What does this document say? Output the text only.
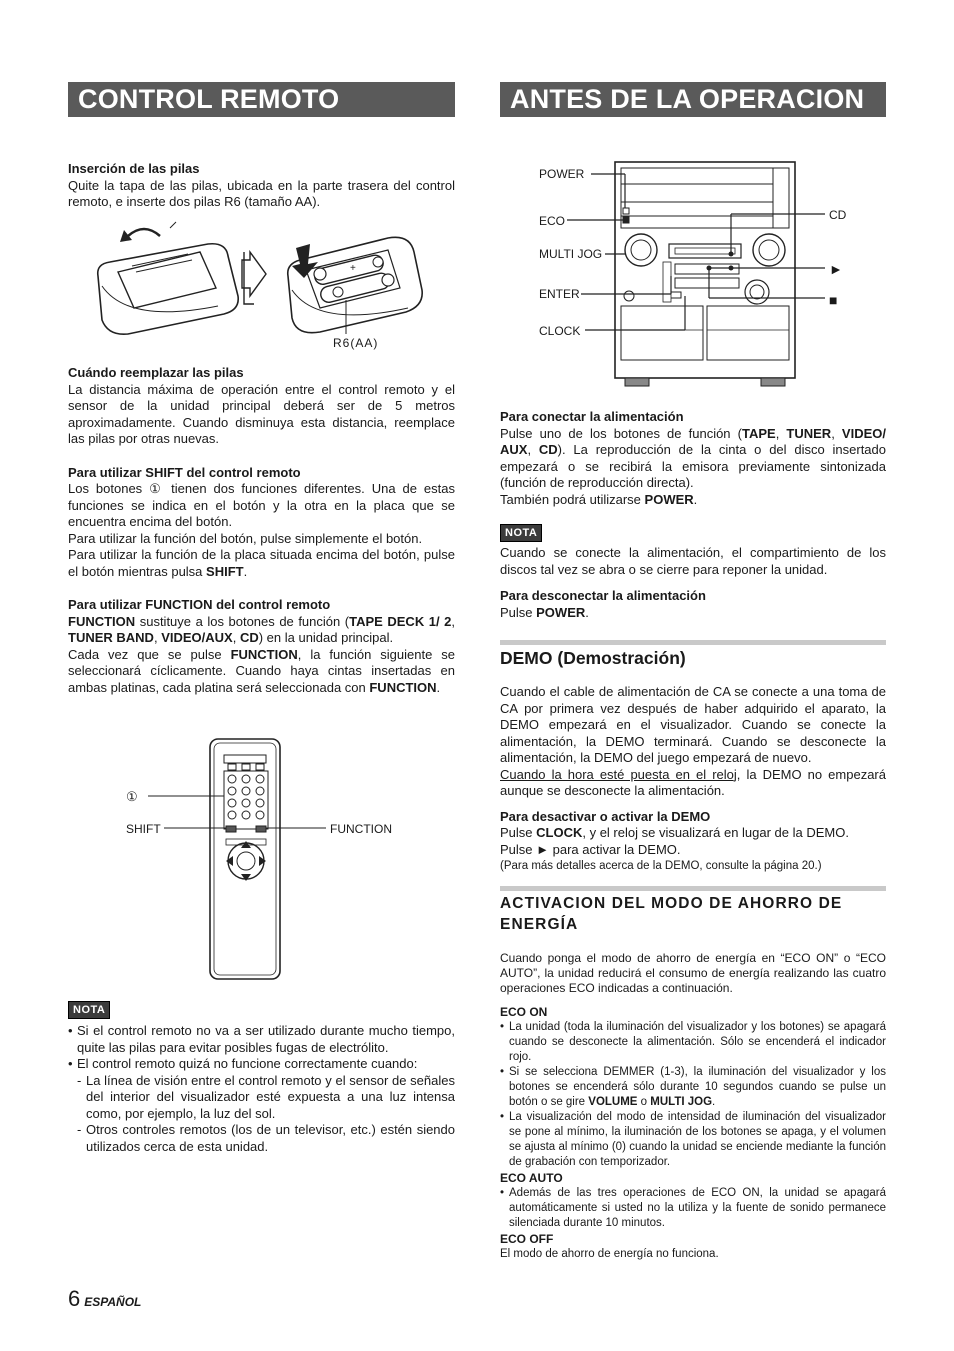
CONTROL REMOTO	ANTES DE LA OPERACION
Inserción de las pilas
Quite la tapa de las pilas, ubicada en la parte trasera del control remoto, e inserte dos pilas R6 (tamaño AA).
+
R6(AA)
Cuándo reemplazar las pilas
La distancia máxima de operación entre el control remoto y el sensor de la unidad principal deberá ser de 5 metros aproximadamente. Cuando disminuya esta distancia, reemplace las pilas por otras nuevas.
Para utilizar SHIFT del control remoto
Los botones ① tienen dos funciones diferentes. Una de estas funciones se indica en el botón y la otra en la placa que se encuentra encima del botón.
Para utilizar la función del botón, pulse simplemente el botón.
Para utilizar la función de la placa situada encima del botón, pulse el botón mientras pulsa SHIFT.
Para utilizar FUNCTION del control remoto
FUNCTION sustituye a los botones de función (TAPE DECK 1/ 2, TUNER BAND, VIDEO/AUX, CD) en la unidad principal.
Cada vez que se pulse FUNCTION, la función siguiente se seleccionará cíclicamente. Cuando haya cintas insertadas en ambas platinas, cada platina será seleccionada con FUNCTION.
①
SHIFT	FUNCTION
NOTA
• Si el control remoto no va a ser utilizado durante mucho tiempo, quite las pilas para evitar posibles fugas de electrólito.
• El control remoto quizá no funcione correctamente cuando:
- La línea de visión entre el control remoto y el sensor de señales del interior del visualizador esté expuesta a una luz intensa como, por ejemplo, la luz del sol.
- Otros controles remotos (los de un televisor, etc.) estén siendo utilizados cerca de esta unidad.
POWER
ECO
MULTI JOG
ENTER
CLOCK
CD
►
■
Para conectar la alimentación
Pulse uno de los botones de función (TAPE, TUNER, VIDEO/ AUX, CD). La reproducción de la cinta o del disco insertado empezará o se recibirá la emisora previamente sintonizada (función de reproducción directa).
También podrá utilizarse POWER.
NOTA
Cuando se conecte la alimentación, el compartimiento de los discos tal vez se abra o se cierre para reponer la unidad.
Para desconectar la alimentación
Pulse POWER.
DEMO (Demostración)
Cuando el cable de alimentación de CA se conecte a una toma de CA por primera vez después de haber adquirido el aparato, la DEMO empezará en el visualizador. Cuando se conecte la alimentación, la DEMO terminará. Cuando se desconecte la alimentación, la DEMO del juego empezará de nuevo.
Cuando la hora esté puesta en el reloj, la DEMO no empezará aunque se desconecte la alimentación.
Para desactivar o activar la DEMO
Pulse CLOCK, y el reloj se visualizará en lugar de la DEMO.
Pulse ► para activar la DEMO.
(Para más detalles acerca de la DEMO, consulte la página 20.)
ACTIVACION DEL MODO DE AHORRO DE ENERGÍA
Cuando ponga el modo de ahorro de energía en “ECO ON” o “ECO AUTO”, la unidad reducirá el consumo de energía realizando las cuatro operaciones ECO indicadas a continuación.
ECO ON
• La unidad (toda la iluminación del visualizador y los botones) se apagará cuando se desconecte la alimentación. Sólo se encenderá el indicador rojo.
• Si se selecciona DEMMER (1-3), la iluminación del visualizador y los botones se encenderá sólo durante 10 segundos cuando se pulse un botón o se gire VOLUME o MULTI JOG.
• La visualización del modo de intensidad de iluminación del visualizador se pone al mínimo, la iluminación de los botones se apaga, y el volumen se ajusta al mínimo (0) cuando la unidad se enciende mediante la función de grabación con temporizador.
ECO AUTO
• Además de las tres operaciones de ECO ON, la unidad se apagará automáticamente si usted no la utiliza y la fuente de sonido permanece silenciada durante 10 minutos.
ECO OFF
El modo de ahorro de energía no funciona.
6 ESPAÑOL
